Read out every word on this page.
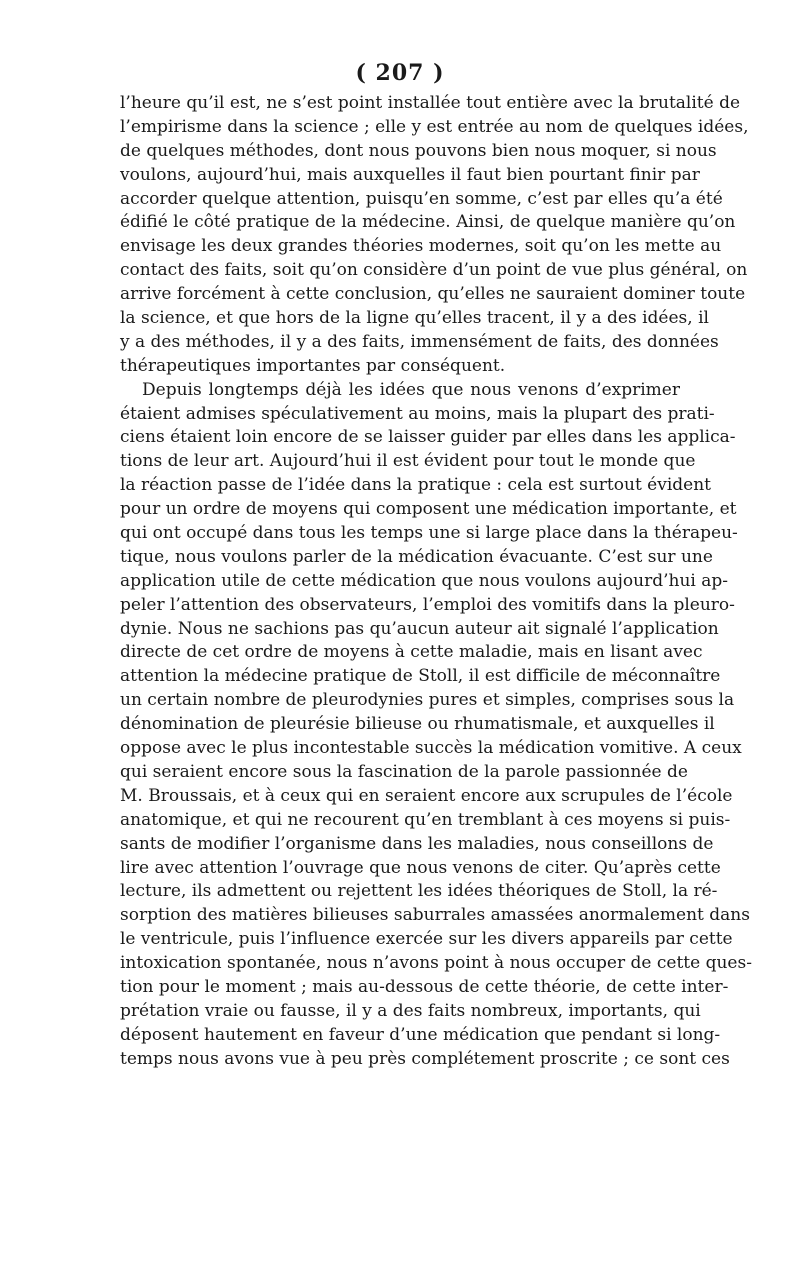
( 207 )
l’heure qu’il est, ne s’est point installée tout entière avec la brutalité de
l’empirisme dans la science ; elle y est entrée au nom de quelques idées,
de quelques méthodes, dont nous pouvons bien nous moquer, si nous
voulons, aujourd’hui, mais auxquelles il faut bien pourtant finir par
accorder quelque attention, puisqu’en somme, c’est par elles qu’a été
édifié le côté pratique de la médecine. Ainsi, de quelque manière qu’on
envisage les deux grandes théories modernes, soit qu’on les mette au
contact des faits, soit qu’on considère d’un point de vue plus général, on
arrive forcément à cette conclusion, qu’elles ne sauraient dominer toute
la science, et que hors de la ligne qu’elles tracent, il y a des idées, il
y a des méthodes, il y a des faits, immensément de faits, des données
thérapeutiques importantes par conséquent.
Depuis longtemps déjà les idées que nous venons d’exprimer
étaient admises spéculativement au moins, mais la plupart des prati-
ciens étaient loin encore de se laisser guider par elles dans les applica-
tions de leur art. Aujourd’hui il est évident pour tout le monde que
la réaction passe de l’idée dans la pratique : cela est surtout évident
pour un ordre de moyens qui composent une médication importante, et
qui ont occupé dans tous les temps une si large place dans la thérapeu-
tique, nous voulons parler de la médication évacuante. C’est sur une
application utile de cette médication que nous voulons aujourd’hui ap-
peler l’attention des observateurs, l’emploi des vomitifs dans la pleuro-
dynie. Nous ne sachions pas qu’aucun auteur ait signalé l’application
directe de cet ordre de moyens à cette maladie, mais en lisant avec
attention la médecine pratique de Stoll, il est difficile de méconnaître
un certain nombre de pleurodynies pures et simples, comprises sous la
dénomination de pleurésie bilieuse ou rhumatismale, et auxquelles il
oppose avec le plus incontestable succès la médication vomitive. A ceux
qui seraient encore sous la fascination de la parole passionnée de
M. Broussais, et à ceux qui en seraient encore aux scrupules de l’école
anatomique, et qui ne recourent qu’en tremblant à ces moyens si puis-
sants de modifier l’organisme dans les maladies, nous conseillons de
lire avec attention l’ouvrage que nous venons de citer. Qu’après cette
lecture, ils admettent ou rejettent les idées théoriques de Stoll, la ré-
sorption des matières bilieuses saburrales amassées anormalement dans
le ventricule, puis l’influence exercée sur les divers appareils par cette
intoxication spontanée, nous n’avons point à nous occuper de cette ques-
tion pour le moment ; mais au-dessous de cette théorie, de cette inter-
prétation vraie ou fausse, il y a des faits nombreux, importants, qui
déposent hautement en faveur d’une médication que pendant si long-
temps nous avons vue à peu près complétement proscrite ; ce sont ces
